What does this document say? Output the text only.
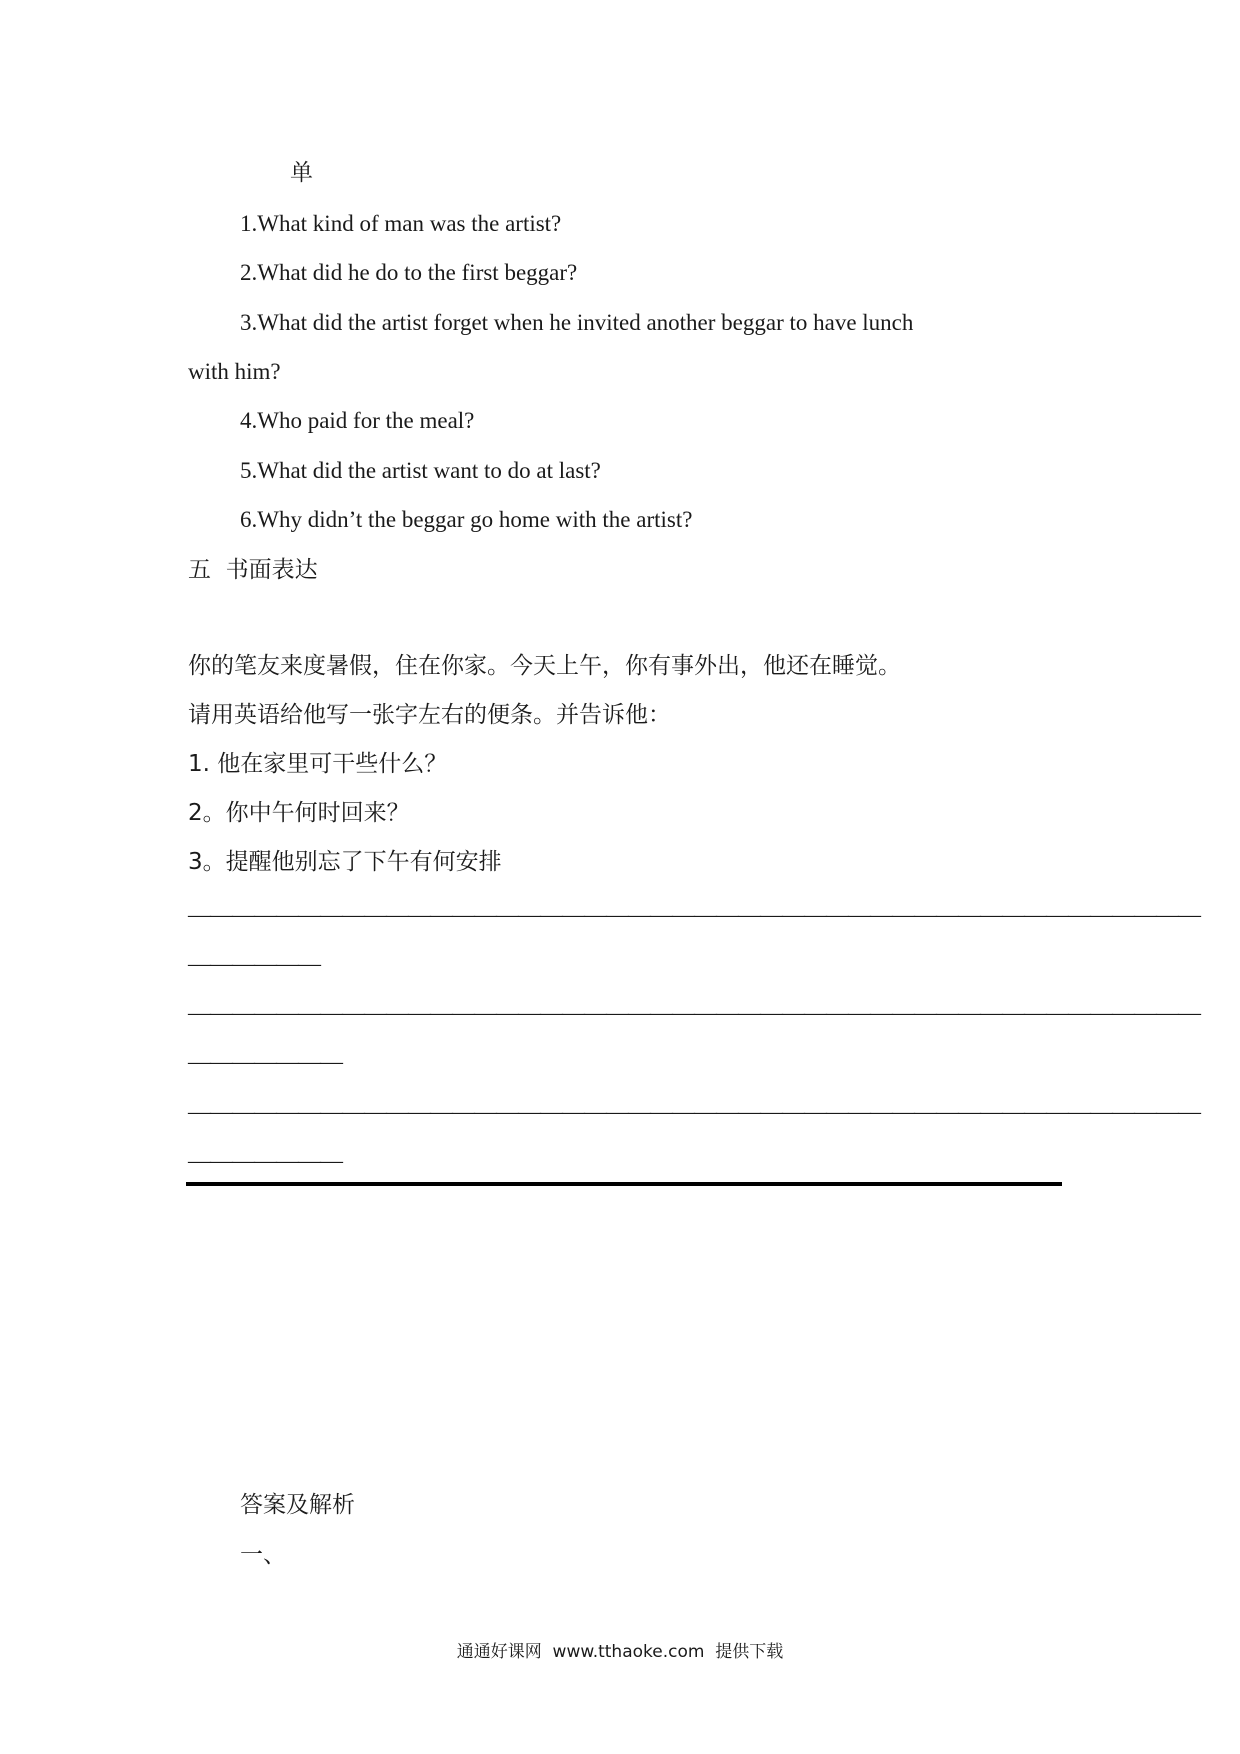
单
1.What kind of man was the artist?
2.What did he do to the first beggar?
3.What did the artist forget when he invited another beggar to have lunch
with him?
4.Who paid for the meal?
5.What did the artist want to do at last?
6.Why didn’t the beggar go home with the artist?
五  书面表达
你的笔友来度暑假，住在你家。今天上午，你有事外出，他还在睡觉。
请用英语给他写一张字左右的便条。并告诉他：
1. 他在家里可干些什么？
2。你中午何时回来？
3。提醒他别忘了下午有何安排
——————————————————————————————————————————————
——————
——————————————————————————————————————————————
———————
——————————————————————————————————————————————
———————
答案及解析
一、
通通好课网  www.tthaoke.com  提供下载
